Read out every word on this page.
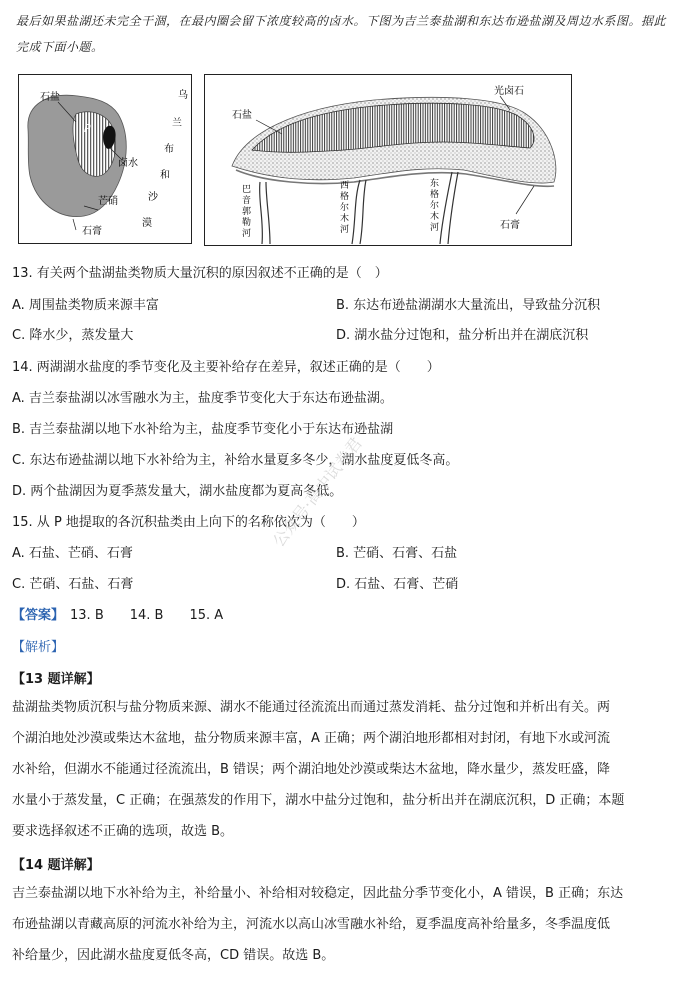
最后如果盐湖还未完全干涸，在最内圈会留下浓度较高的卤水。下图为吉兰泰盐湖和东达布逊盐湖及周边水系图。据此完成下面小题。
P
石盐
卤水
芒硝
石膏
乌
兰
布
和
沙
漠
石盐
光卤石
石膏
巴
音
郭
勒
河
西
格
尔
木
河
东
格
尔
木
河
13. 有关两个盐湖盐类物质大量沉积的原因叙述不正确的是（　）
A. 周围盐类物质来源丰富	B. 东达布逊盐湖湖水大量流出，导致盐分沉积
C. 降水少，蒸发量大	D. 湖水盐分过饱和，盐分析出并在湖底沉积
14. 两湖湖水盐度的季节变化及主要补给存在差异，叙述正确的是（　　）
A. 吉兰泰盐湖以冰雪融水为主，盐度季节变化大于东达布逊盐湖。
B. 吉兰泰盐湖以地下水补给为主，盐度季节变化小于东达布逊盐湖
C. 东达布逊盐湖以地下水补给为主，补给水量夏多冬少，湖水盐度夏低冬高。
D. 两个盐湖因为夏季蒸发量大，湖水盐度都为夏高冬低。
15. 从 P 地提取的各沉积盐类由上向下的名称依次为（　　）
A. 石盐、芒硝、石膏	B. 芒硝、石膏、石盐
C. 芒硝、石盐、石膏	D. 石盐、石膏、芒硝
公众号·高中试卷君
【答案】 13. B　　14. B　　15. A
【解析】
【13 题详解】
盐湖盐类物质沉积与盐分物质来源、湖水不能通过径流流出而通过蒸发消耗、盐分过饱和并析出有关。两
个湖泊地处沙漠或柴达木盆地，盐分物质来源丰富，A 正确；两个湖泊地形都相对封闭，有地下水或河流
水补给，但湖水不能通过径流流出，B 错误；两个湖泊地处沙漠或柴达木盆地，降水量少，蒸发旺盛，降
水量小于蒸发量，C 正确；在强蒸发的作用下，湖水中盐分过饱和，盐分析出并在湖底沉积，D 正确；本题
要求选择叙述不正确的选项，故选 B。
【14 题详解】
吉兰泰盐湖以地下水补给为主，补给量小、补给相对较稳定，因此盐分季节变化小，A 错误，B 正确；东达
布逊盐湖以青藏高原的河流水补给为主，河流水以高山冰雪融水补给，夏季温度高补给量多，冬季温度低
补给量少，因此湖水盐度夏低冬高，CD 错误。故选 B。
